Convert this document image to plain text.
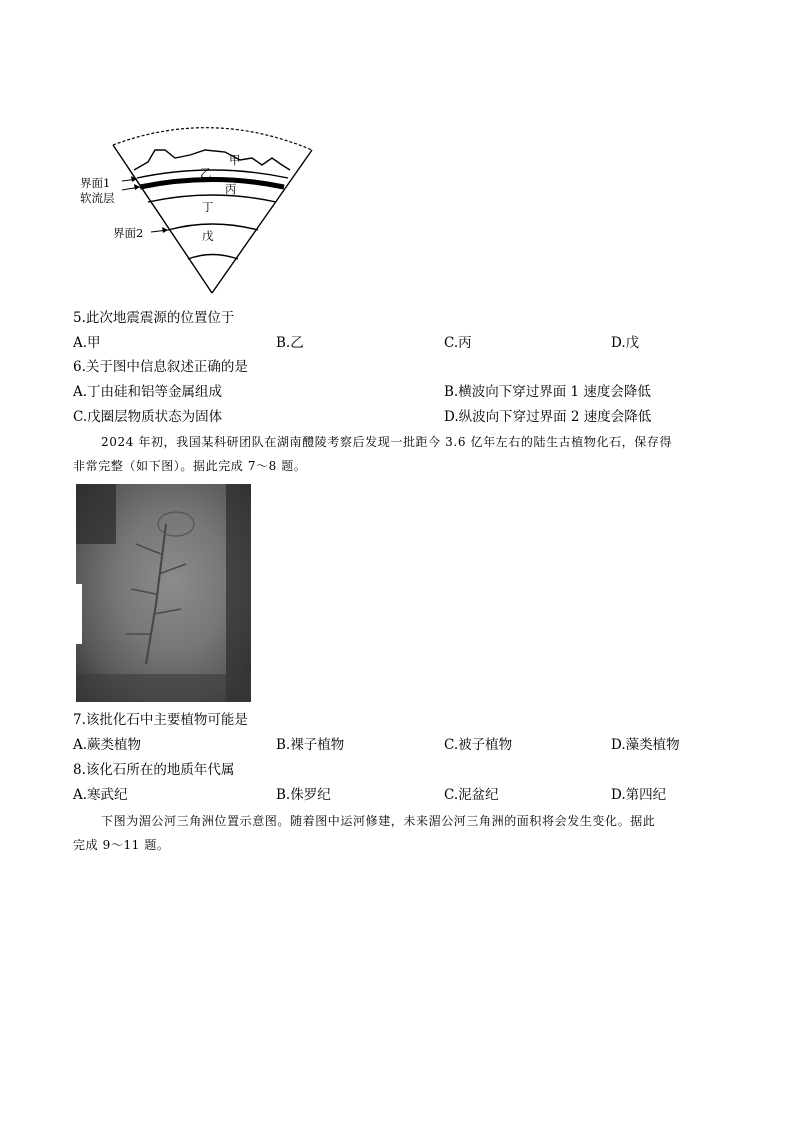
甲
乙
丙
丁
戊
界面1
软流层
界面2
5.此次地震震源的位置位于
A.甲	B.乙	C.丙	D.戊
6.关于图中信息叙述正确的是
A.丁由硅和铝等金属组成	B.横波向下穿过界面 1 速度会降低
C.戊圈层物质状态为固体	D.纵波向下穿过界面 2 速度会降低
2024 年初，我国某科研团队在湖南醴陵考察后发现一批距今 3.6 亿年左右的陆生古植物化石，保存得
非常完整（如下图）。据此完成 7～8 题。
7.该批化石中主要植物可能是
A.蕨类植物	B.裸子植物	C.被子植物	D.藻类植物
8.该化石所在的地质年代属
A.寒武纪	B.侏罗纪	C.泥盆纪	D.第四纪
下图为湄公河三角洲位置示意图。随着图中运河修建，未来湄公河三角洲的面积将会发生变化。据此
完成 9～11 题。
